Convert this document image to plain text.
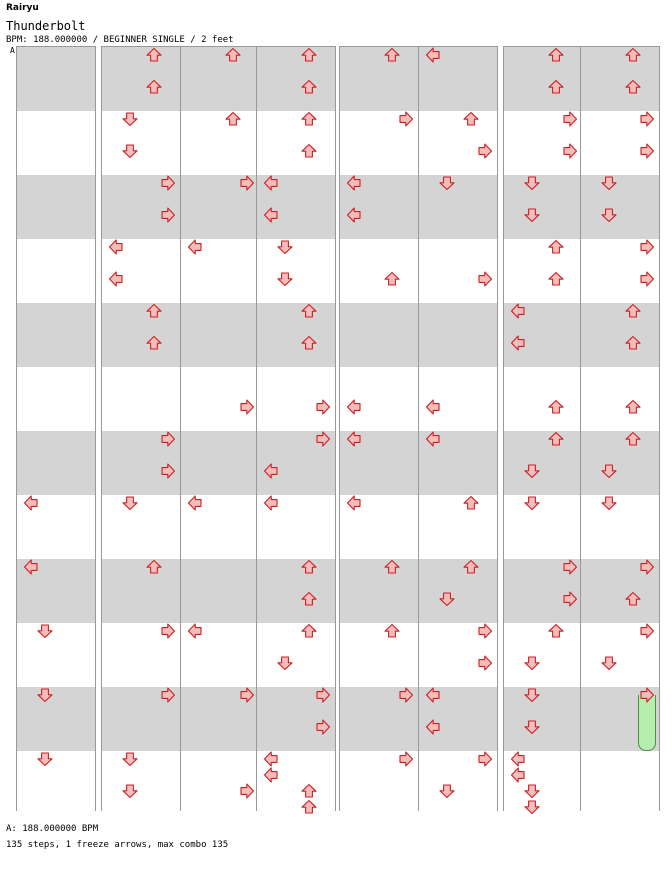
Rairyu
Thunderbolt
BPM: 188.000000 / BEGINNER SINGLE / 2 feet
A
A: 188.000000 BPM
135 steps, 1 freeze arrows, max combo 135
